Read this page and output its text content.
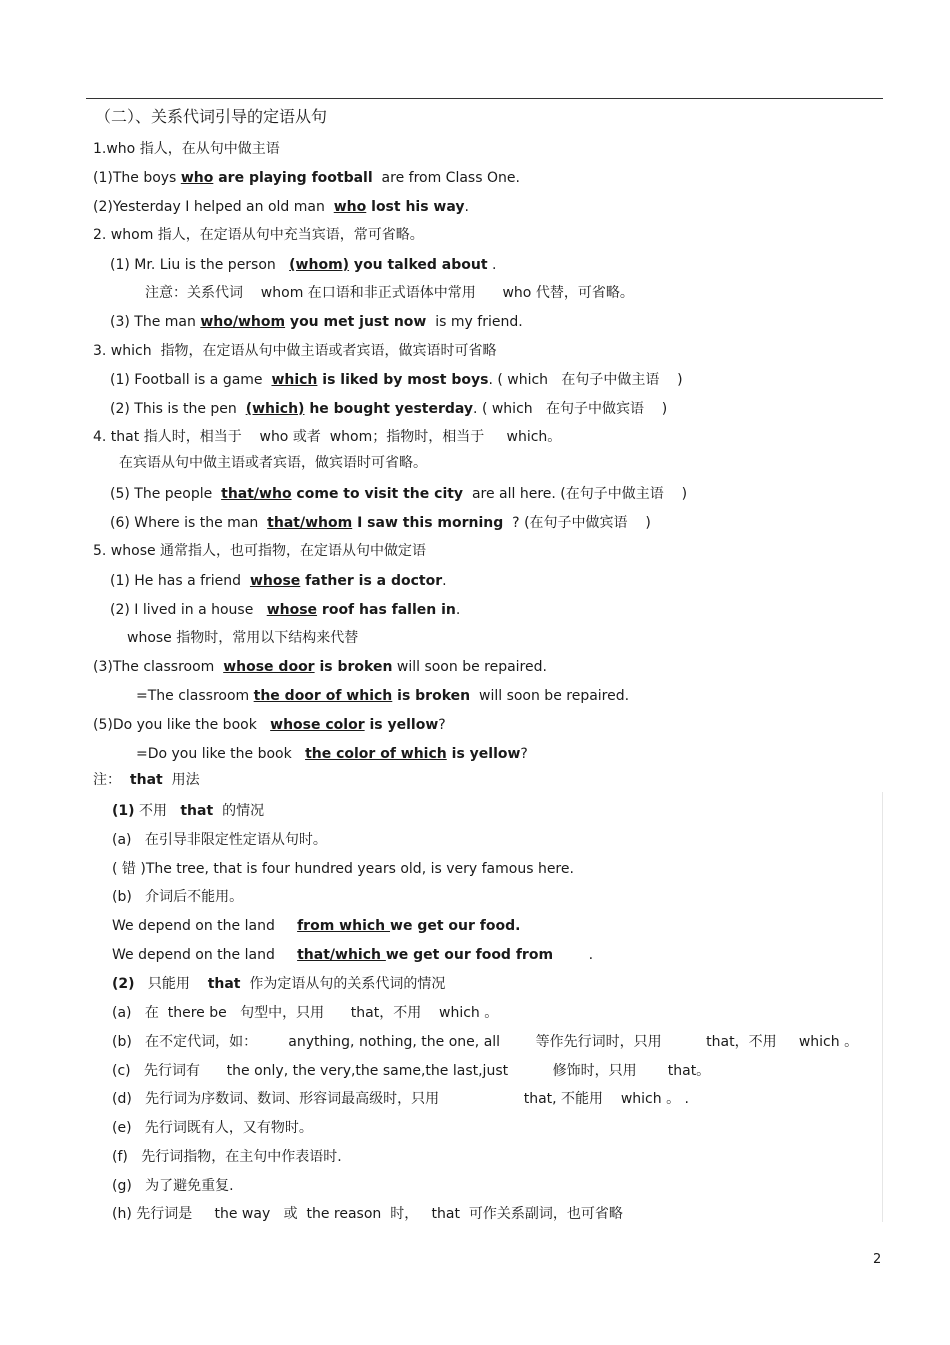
（二）、关系代词引导的定语从句
1.who 指人，在从句中做主语
(1)The boys who are playing football  are from Class One.
(2)Yesterday I helped an old man  who lost his way.
2. whom 指人，在定语从句中充当宾语，常可省略。
(1) Mr. Liu is the person   (whom) you talked about .
注意：关系代词    whom 在口语和非正式语体中常用      who 代替，可省略。
(3) The man who/whom you met just now  is my friend.
3. which  指物，在定语从句中做主语或者宾语，做宾语时可省略
(1) Football is a game  which is liked by most boys. ( which   在句子中做主语    )
(2) This is the pen  (which) he bought yesterday. ( which   在句子中做宾语    )
4. that 指人时，相当于    who 或者  whom；指物时，相当于     which。
在宾语从句中做主语或者宾语，做宾语时可省略。
(5) The people  that/who come to visit the city  are all here. (在句子中做主语    )
(6) Where is the man  that/whom I saw this morning  ? (在句子中做宾语    )
5. whose 通常指人，也可指物，在定语从句中做定语
(1) He has a friend  whose father is a doctor.
(2) I lived in a house   whose roof has fallen in.
whose 指物时，常用以下结构来代替
(3)The classroom  whose door is broken will soon be repaired.
=The classroom the door of which is broken  will soon be repaired.
(5)Do you like the book   whose color is yellow?
=Do you like the book   the color of which is yellow?
注：  that  用法
(1) 不用   that  的情况
(a)   在引导非限定性定语从句时。
( 错 )The tree, that is four hundred years old, is very famous here.
(b)   介词后不能用。
We depend on the land     from which we get our food.
We depend on the land     that/which we get our food from        .
(2)   只能用    that  作为定语从句的关系代词的情况
(a)   在  there be   句型中，只用      that，不用    which 。
(b)   在不定代词，如：       anything, nothing, the one, all        等作先行词时，只用          that，不用     which 。
(c)   先行词有      the only, the very,the same,the last,just          修饰时，只用       that。
(d)   先行词为序数词、数词、形容词最高级时，只用                   that, 不能用    which 。 .
(e)   先行词既有人，又有物时。
(f)   先行词指物，在主句中作表语时.
(g)   为了避免重复.
(h) 先行词是     the way   或  the reason  时，   that  可作关系副词，也可省略
2
